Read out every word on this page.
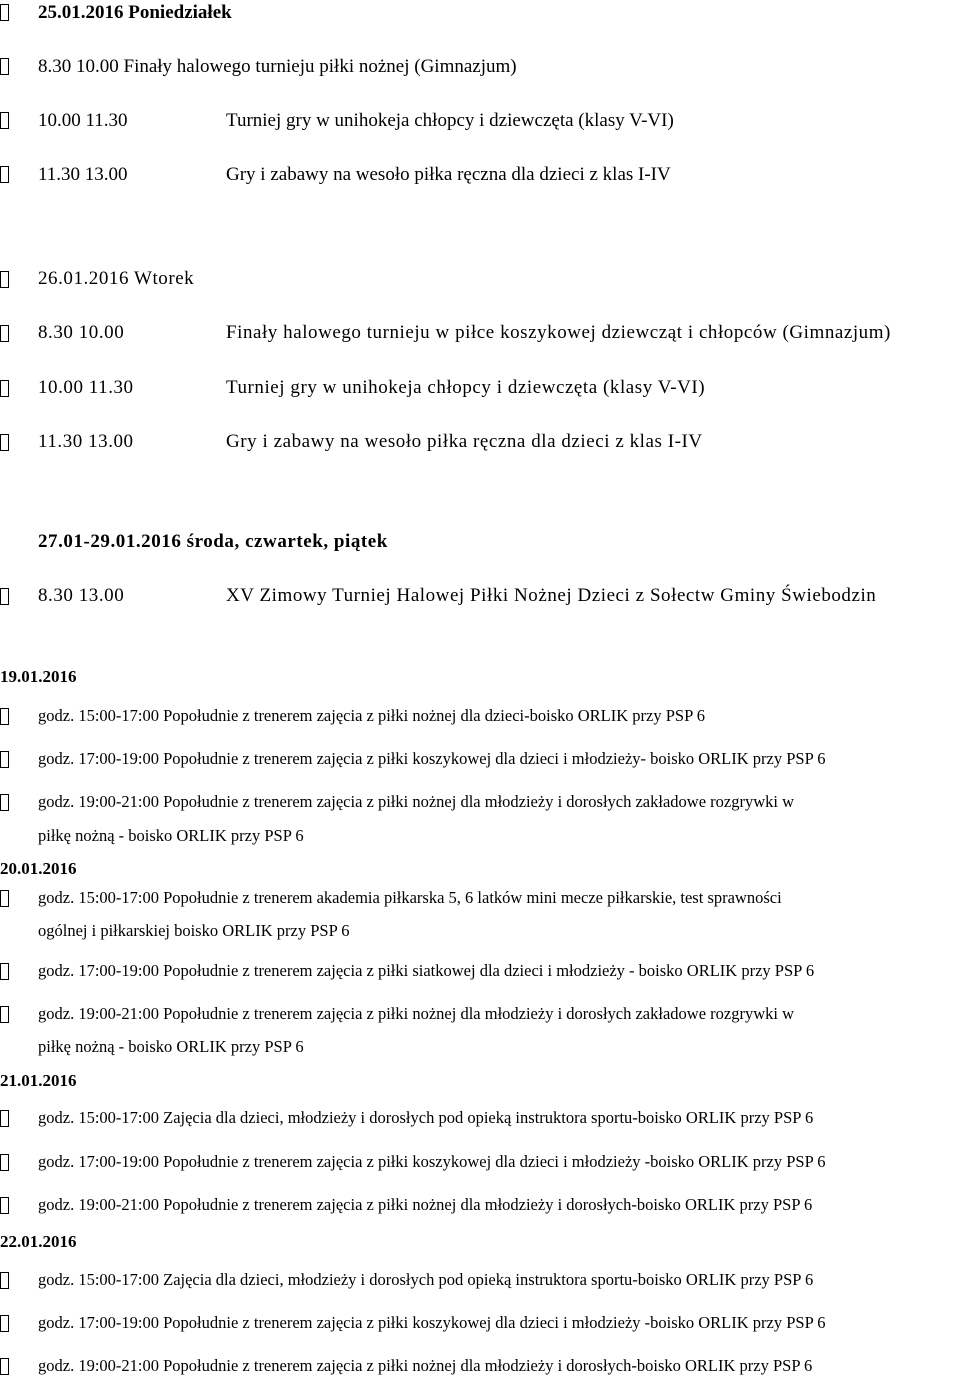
25.01.2016 Poniedziałek
8.30 10.00 Finały halowego turnieju piłki nożnej (Gimnazjum)
10.00 11.30	Turniej gry w unihokeja chłopcy i dziewczęta (klasy V-VI)
11.30 13.00	Gry i zabawy na wesoło piłka ręczna dla dzieci z klas I-IV
26.01.2016 Wtorek
8.30 10.00	Finały halowego turnieju w piłce koszykowej dziewcząt i chłopców (Gimnazjum)
10.00 11.30	Turniej gry w unihokeja chłopcy i dziewczęta (klasy V-VI)
11.30 13.00	Gry i zabawy na wesoło piłka ręczna dla dzieci z klas I-IV
27.01-29.01.2016 środa, czwartek, piątek
8.30 13.00	XV Zimowy Turniej Halowej Piłki Nożnej Dzieci z Sołectw Gminy Świebodzin
19.01.2016
godz. 15:00-17:00 Popołudnie z trenerem zajęcia z piłki nożnej dla dzieci-boisko ORLIK przy PSP 6
godz. 17:00-19:00 Popołudnie z trenerem zajęcia z piłki koszykowej dla dzieci i młodzieży- boisko ORLIK przy PSP 6
godz. 19:00-21:00 Popołudnie z trenerem zajęcia z piłki nożnej dla młodzieży i dorosłych zakładowe rozgrywki w
piłkę nożną - boisko ORLIK przy PSP 6
20.01.2016
godz. 15:00-17:00 Popołudnie z trenerem akademia piłkarska 5, 6 latków mini mecze piłkarskie, test sprawności
ogólnej i piłkarskiej boisko ORLIK przy PSP 6
godz. 17:00-19:00 Popołudnie z trenerem zajęcia z piłki siatkowej dla dzieci i młodzieży - boisko ORLIK przy PSP 6
godz. 19:00-21:00 Popołudnie z trenerem zajęcia z piłki nożnej dla młodzieży i dorosłych zakładowe rozgrywki w
piłkę nożną - boisko ORLIK przy PSP 6
21.01.2016
godz. 15:00-17:00 Zajęcia dla dzieci, młodzieży i dorosłych pod opieką instruktora sportu-boisko ORLIK przy PSP 6
godz. 17:00-19:00 Popołudnie z trenerem zajęcia z piłki koszykowej dla dzieci i młodzieży -boisko ORLIK przy PSP 6
godz. 19:00-21:00 Popołudnie z trenerem zajęcia z piłki nożnej dla młodzieży i dorosłych-boisko ORLIK przy PSP 6
22.01.2016
godz. 15:00-17:00 Zajęcia dla dzieci, młodzieży i dorosłych pod opieką instruktora sportu-boisko ORLIK przy PSP 6
godz. 17:00-19:00 Popołudnie z trenerem zajęcia z piłki koszykowej dla dzieci i młodzieży -boisko ORLIK przy PSP 6
godz. 19:00-21:00 Popołudnie z trenerem zajęcia z piłki nożnej dla młodzieży i dorosłych-boisko ORLIK przy PSP 6
